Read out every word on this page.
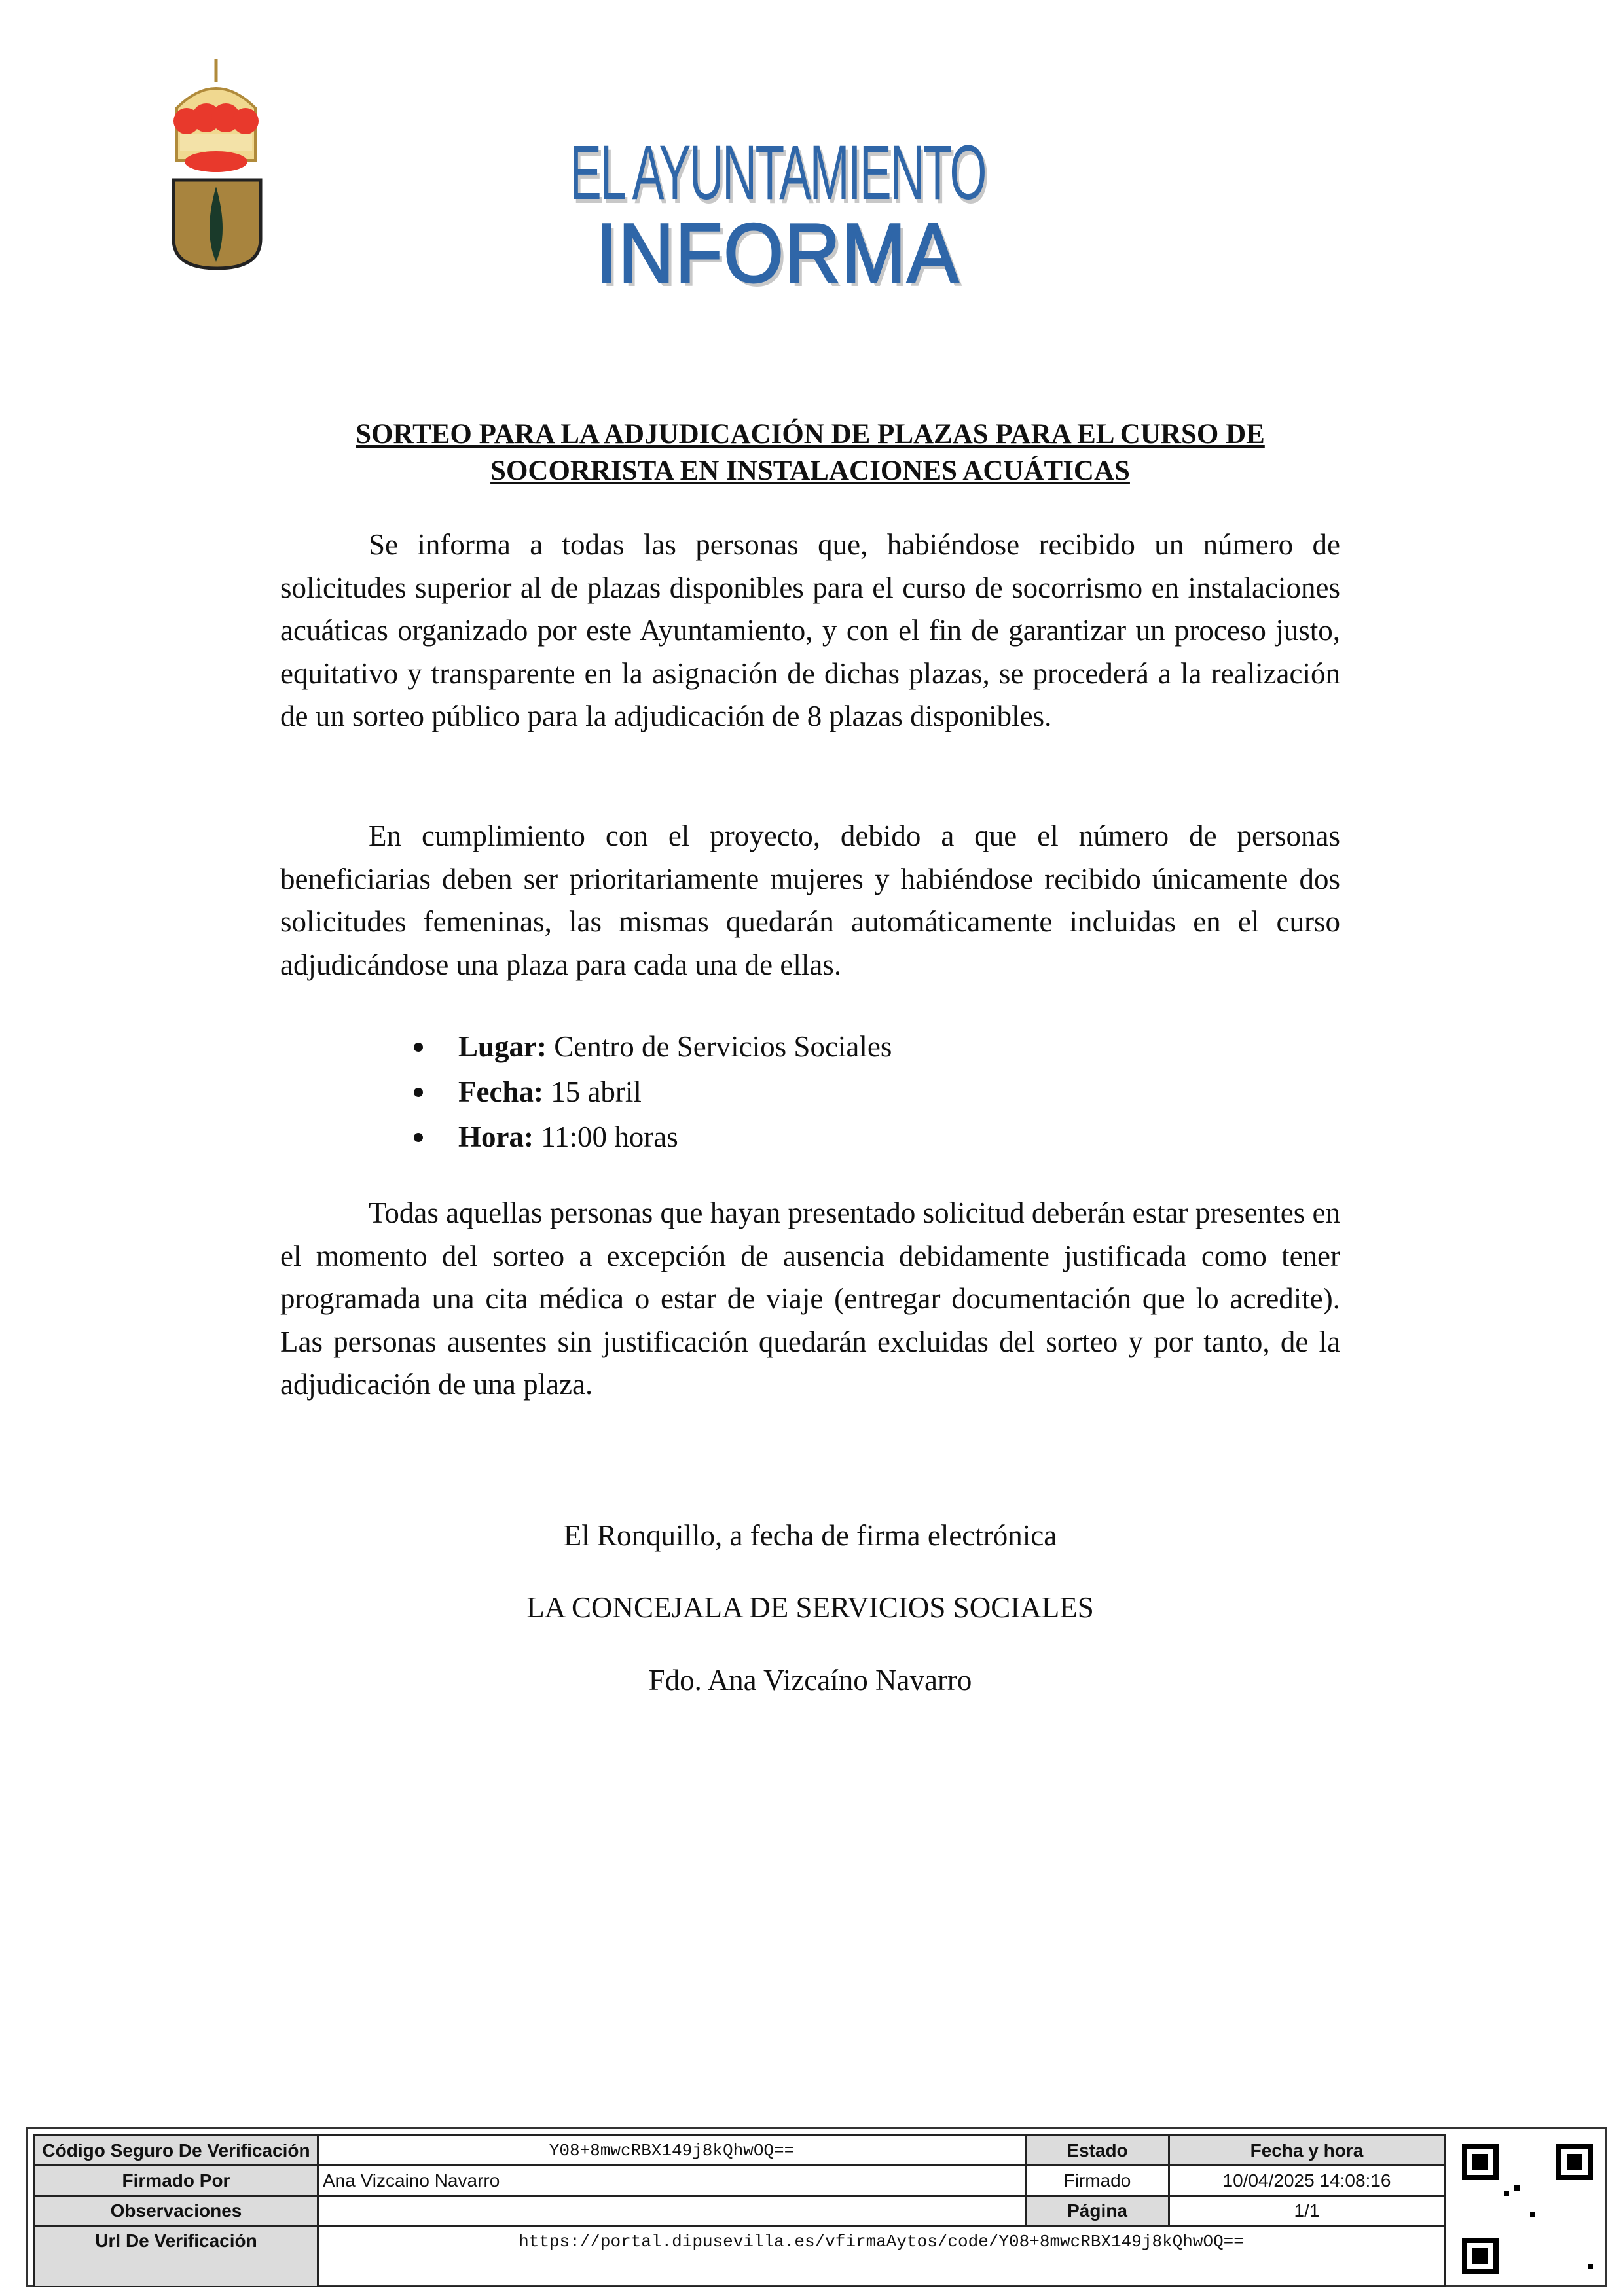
EL AYUNTAMIENTO
INFORMA
SORTEO PARA LA ADJUDICACIÓN DE PLAZAS PARA EL CURSO DE SOCORRISTA EN INSTALACIONES ACUÁTICAS

Se informa a todas las personas que, habiéndose recibido un número de solicitudes superior al de plazas disponibles para el curso de socorrismo en instalaciones acuáticas organizado por este Ayuntamiento, y con el fin de garantizar un proceso justo, equitativo y transparente en la asignación de dichas plazas, se procederá a la realización de un sorteo público para la adjudicación de 8 plazas disponibles.

En cumplimiento con el proyecto, debido a que el número de personas beneficiarias deben ser prioritariamente mujeres y habiéndose recibido únicamente dos solicitudes femeninas, las mismas quedarán automáticamente incluidas en el curso adjudicándose una plaza para cada una de ellas.

Lugar: Centro de Servicios Sociales
Fecha: 15 abril
Hora: 11:00 horas

Todas aquellas personas que hayan presentado solicitud deberán estar presentes en el momento del sorteo a excepción de ausencia debidamente justificada como tener programada una cita médica o estar de viaje (entregar documentación que lo acredite). Las personas ausentes sin justificación quedarán excluidas del sorteo y por tanto, de la adjudicación de una plaza.

El Ronquillo, a fecha de firma electrónica
LA CONCEJALA DE SERVICIOS SOCIALES
Fdo. Ana Vizcaíno Navarro
Código Seguro De Verificación	Y08+8mwcRBX149j8kQhwOQ==	Estado	Fecha y hora
Firmado Por	Ana Vizcaino Navarro	Firmado	10/04/2025 14:08:16
Observaciones		Página	1/1
Url De Verificación	https://portal.dipusevilla.es/vfirmaAytos/code/Y08+8mwcRBX149j8kQhwOQ==		
